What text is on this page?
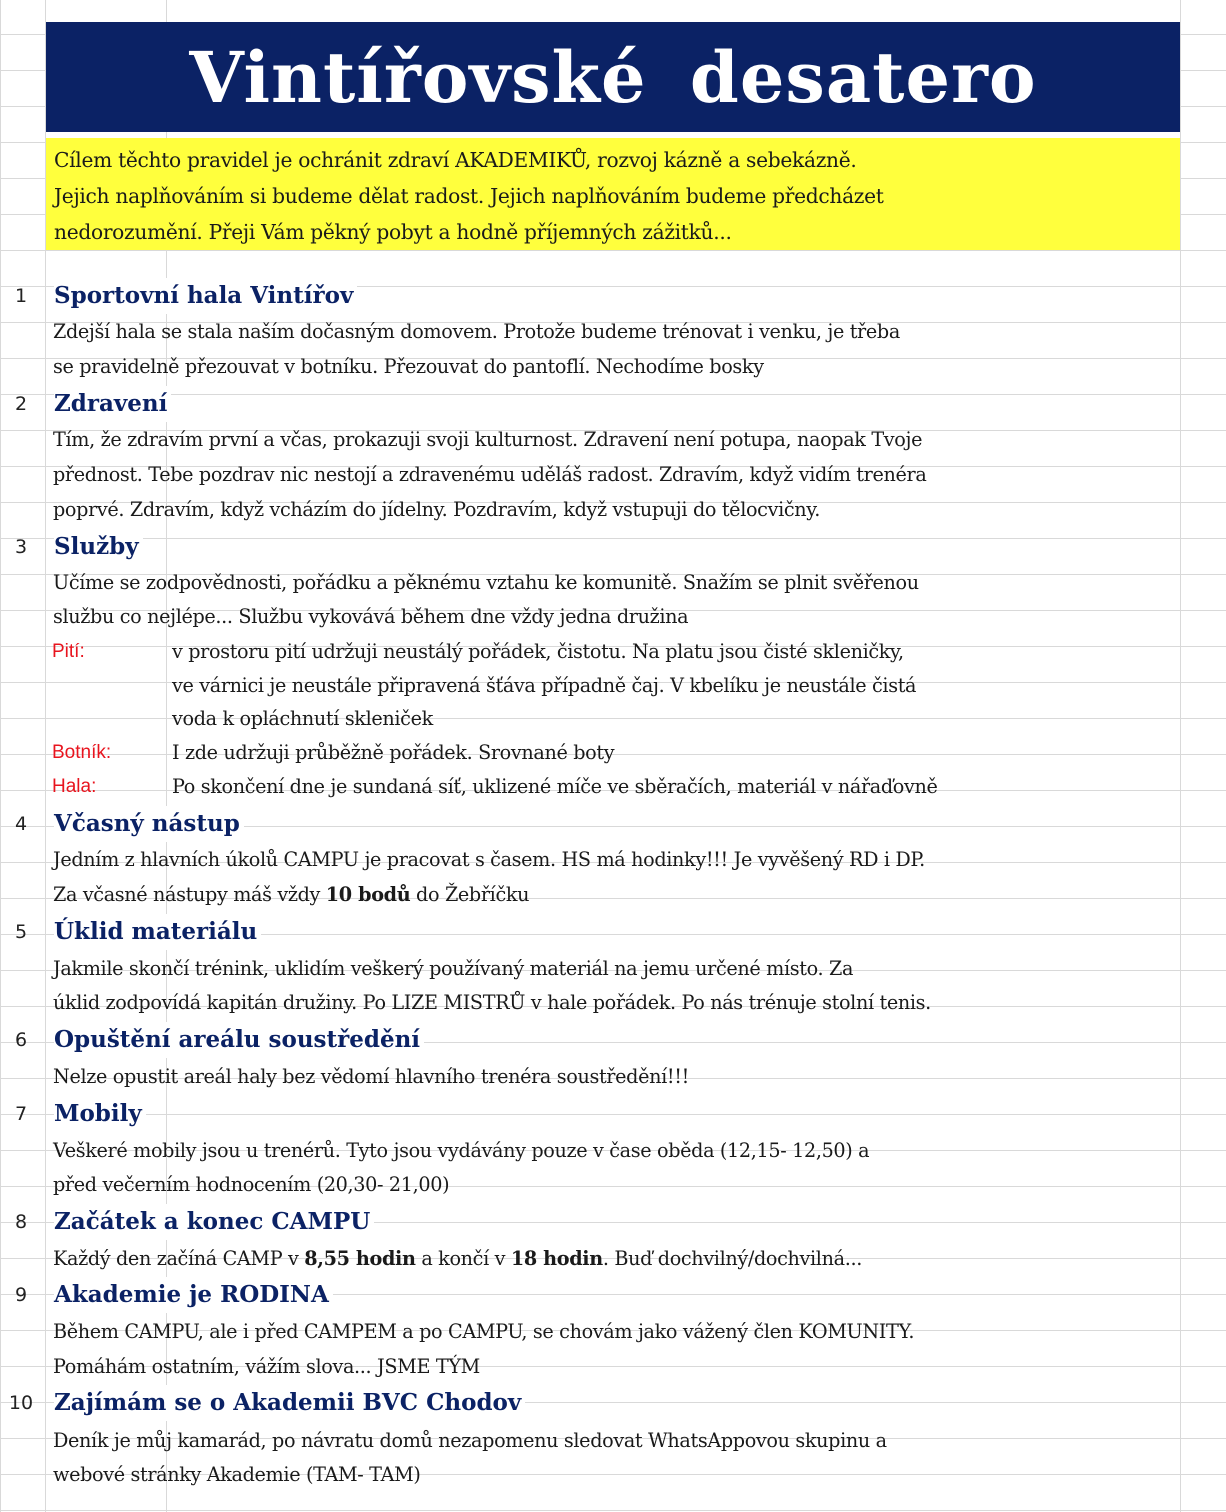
Vintířovské desatero
Cílem těchto pravidel je ochránit zdraví AKADEMIKŮ, rozvoj kázně a sebekázně.
Jejich naplňováním si budeme dělat radost. Jejich naplňováním budeme předcházet
nedorozumění. Přeji Vám pěkný pobyt a hodně příjemných zážitků...
1	Sportovní hala Vintířov
Zdejší hala se stala naším dočasným domovem. Protože budeme trénovat i venku, je třeba
se pravidelně přezouvat v botníku. Přezouvat do pantoflí. Nechodíme bosky
2	Zdravení
Tím, že zdravím první a včas, prokazuji svoji kulturnost. Zdravení není potupa, naopak Tvoje
přednost. Tebe pozdrav nic nestojí a zdravenému uděláš radost. Zdravím, když vidím trenéra
poprvé. Zdravím, když vcházím do jídelny. Pozdravím, když vstupuji do tělocvičny.
3	Služby
Učíme se zodpovědnosti, pořádku a pěknému vztahu ke komunitě. Snažím se plnit svěřenou
službu co nejlépe... Službu vykovává během dne vždy jedna družina
Pití:	v prostoru pití udržuji neustálý pořádek, čistotu. Na platu jsou čisté skleničky,
ve várnici je neustále připravená šťáva případně čaj. V kbelíku je neustále čistá
voda k opláchnutí skleniček
Botník:	I zde udržuji průběžně pořádek. Srovnané boty
Hala:	Po skončení dne je sundaná síť, uklizené míče ve sběračích, materiál v nářaďovně
4	Včasný nástup
Jedním z hlavních úkolů CAMPU je pracovat s časem. HS má hodinky!!! Je vyvěšený RD i DP.
Za včasné nástupy máš vždy 10 bodů do Žebříčku
5	Úklid materiálu
Jakmile skončí trénink, uklidím veškerý používaný materiál na jemu určené místo. Za
úklid zodpovídá kapitán družiny. Po LIZE MISTRŮ v hale pořádek. Po nás trénuje stolní tenis.
6	Opuštění areálu soustředění
Nelze opustit areál haly bez vědomí hlavního trenéra soustředění!!!
7	Mobily
Veškeré mobily jsou u trenérů. Tyto jsou vydávány pouze v čase oběda (12,15- 12,50) a
před večerním hodnocením (20,30- 21,00)
8	Začátek a konec CAMPU
Každý den začíná CAMP v 8,55 hodin a končí v 18 hodin. Buď dochvilný/dochvilná...
9	Akademie je RODINA
Během CAMPU, ale i před CAMPEM a po CAMPU, se chovám jako vážený člen KOMUNITY.
Pomáhám ostatním, vážím slova... JSME TÝM
10 Zajímám se o Akademii BVC Chodov
Deník je můj kamarád, po návratu domů nezapomenu sledovat WhatsAppovou skupinu a
webové stránky Akademie (TAM- TAM)
